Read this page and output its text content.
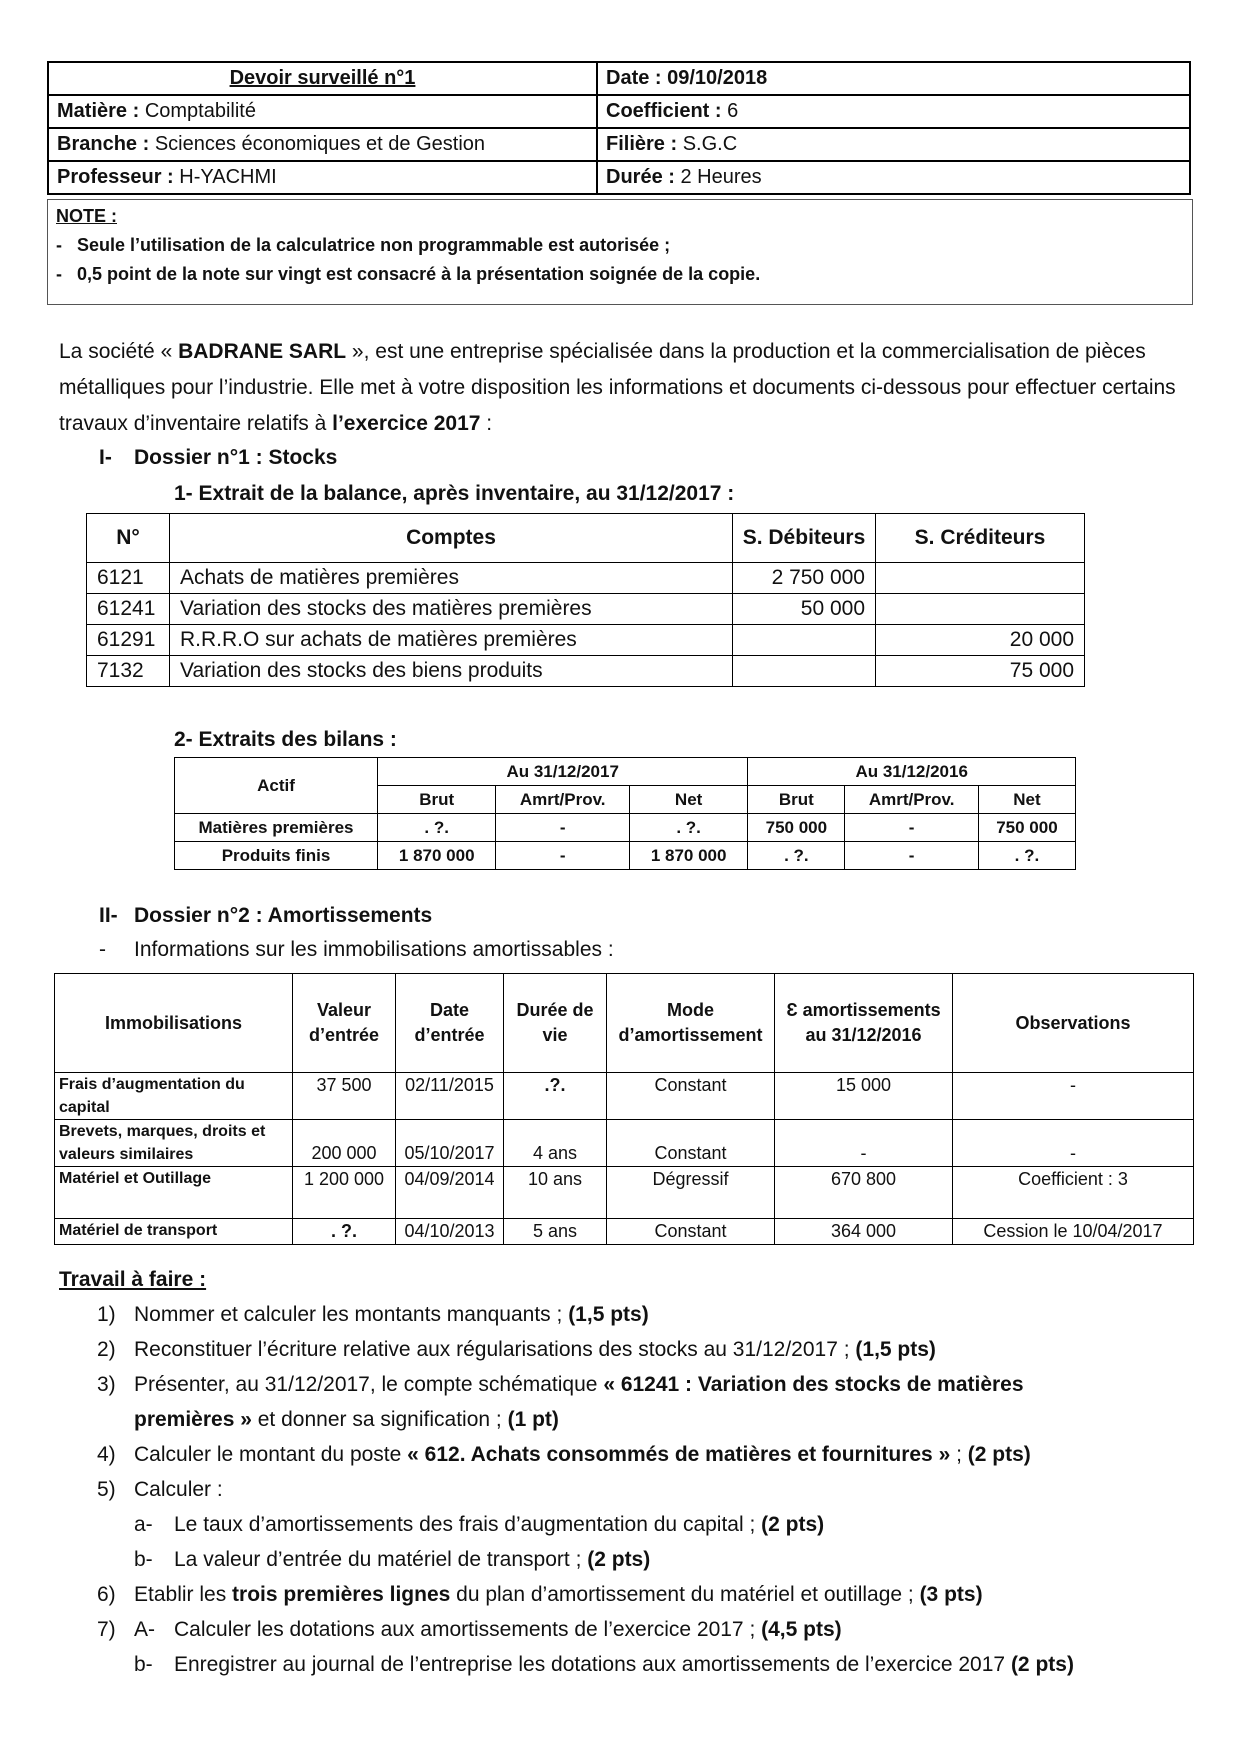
Devoir surveillé n°1	Date : 09/10/2018
Matière : Comptabilité	Coefficient : 6
Branche : Sciences économiques et de Gestion	Filière : S.G.C
Professeur : H-YACHMI	Durée : 2 Heures
NOTE :
-   Seule l’utilisation de la calculatrice non programmable est autorisée ;
-   0,5 point de la note sur vingt est consacré à la présentation soignée de la copie.
La société « BADRANE SARL », est une entreprise spécialisée dans la production et la commercialisation de pièces métalliques pour l’industrie. Elle met à votre disposition les informations et documents ci-dessous pour effectuer certains travaux d’inventaire relatifs à l’exercice 2017 :
I- Dossier n°1 : Stocks
1- Extrait de la balance, après inventaire, au 31/12/2017 :
N°	Comptes	S. Débiteurs	S. Créditeurs
6121	Achats de matières premières	2 750 000	
61241	Variation des stocks des matières premières	50 000	
61291	R.R.R.O sur achats de matières premières		20 000
7132	Variation des stocks des biens produits		75 000
2- Extraits des bilans :
Actif	Au 31/12/2017			Au 31/12/2016		
	Brut	Amrt/Prov.	Net	Brut	Amrt/Prov.	Net
Matières premières	. ?.	-	. ?.	750 000	-	750 000
Produits finis	1 870 000	-	1 870 000	. ?.	-	. ?.
II- Dossier n°2 : Amortissements
- Informations sur les immobilisations amortissables :
Immobilisations	Valeur d’entrée	Date d’entrée	Durée de vie	Mode d’amortissement	Ɛ amortissements au 31/12/2016	Observations
Frais d’augmentation du capital	37 500	02/11/2015	.?.	Constant	15 000	-
Brevets, marques, droits et valeurs similaires	200 000	05/10/2017	4 ans	Constant	-	-
Matériel et Outillage	1 200 000	04/09/2014	10 ans	Dégressif	670 800	Coefficient : 3
Matériel de transport	. ?.	04/10/2013	5 ans	Constant	364 000	Cession le 10/04/2017
Travail à faire :
1) Nommer et calculer les montants manquants ; (1,5 pts)
2) Reconstituer l’écriture relative aux régularisations des stocks au 31/12/2017 ; (1,5 pts)
3) Présenter, au 31/12/2017, le compte schématique « 61241 : Variation des stocks de matières
premières » et donner sa signification ; (1 pt)
4) Calculer le montant du poste « 612. Achats consommés de matières et fournitures » ; (2 pts)
5) Calculer :
a- Le taux d’amortissements des frais d’augmentation du capital ; (2 pts)
b- La valeur d’entrée du matériel de transport ; (2 pts)
6) Etablir les trois premières lignes du plan d’amortissement du matériel et outillage ; (3 pts)
7) A- Calculer les dotations aux amortissements de l’exercice 2017 ; (4,5 pts)
b- Enregistrer au journal de l’entreprise les dotations aux amortissements de l’exercice 2017 (2 pts)
